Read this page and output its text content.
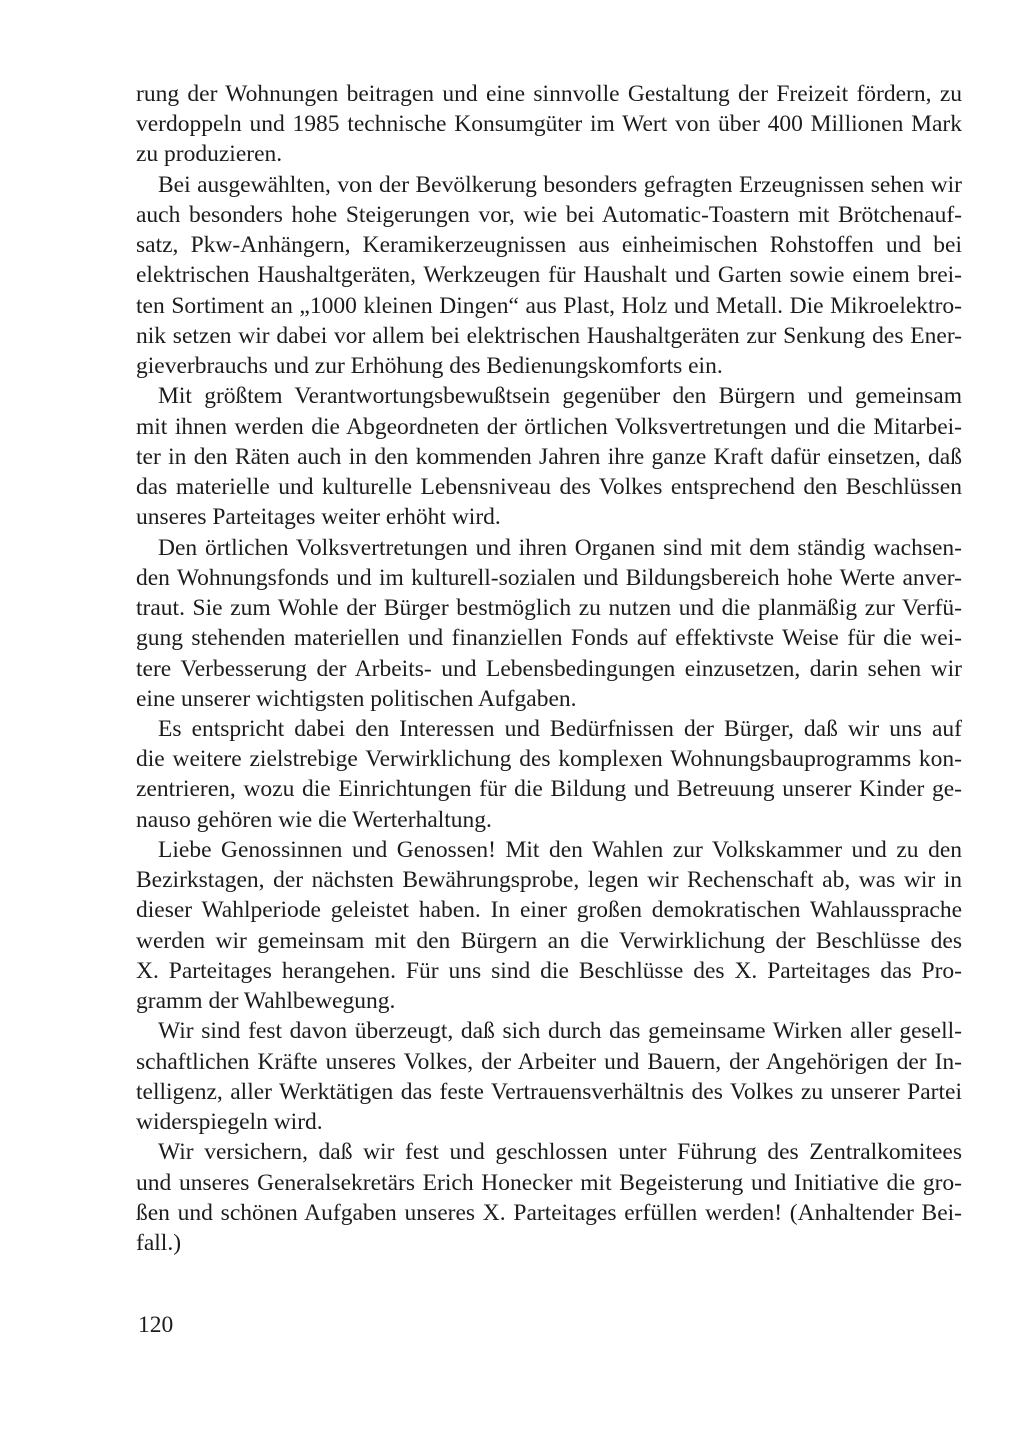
rung der Wohnungen beitragen und eine sinnvolle Gestaltung der Freizeit fördern, zu

verdoppeln und 1985 technische Konsumgüter im Wert von über 400 Millionen Mark

zu produzieren.

Bei ausgewählten, von der Bevölkerung besonders gefragten Erzeugnissen sehen wir

auch besonders hohe Steigerungen vor, wie bei Automatic-Toastern mit Brötchenauf-

satz, Pkw-Anhängern, Keramikerzeugnissen aus einheimischen Rohstoffen und bei

elektrischen Haushaltgeräten, Werkzeugen für Haushalt und Garten sowie einem brei-

ten Sortiment an „1000 kleinen Dingen“ aus Plast, Holz und Metall. Die Mikroelektro-

nik setzen wir dabei vor allem bei elektrischen Haushaltgeräten zur Senkung des Ener-

gieverbrauchs und zur Erhöhung des Bedienungskomforts ein.

Mit größtem Verantwortungsbewußtsein gegenüber den Bürgern und gemeinsam

mit ihnen werden die Abgeordneten der örtlichen Volksvertretungen und die Mitarbei-

ter in den Räten auch in den kommenden Jahren ihre ganze Kraft dafür einsetzen, daß

das materielle und kulturelle Lebensniveau des Volkes entsprechend den Beschlüssen

unseres Parteitages weiter erhöht wird.

Den örtlichen Volksvertretungen und ihren Organen sind mit dem ständig wachsen-

den Wohnungsfonds und im kulturell-sozialen und Bildungsbereich hohe Werte anver-

traut. Sie zum Wohle der Bürger bestmöglich zu nutzen und die planmäßig zur Verfü-

gung stehenden materiellen und finanziellen Fonds auf effektivste Weise für die wei-

tere Verbesserung der Arbeits- und Lebensbedingungen einzusetzen, darin sehen wir

eine unserer wichtigsten politischen Aufgaben.

Es entspricht dabei den Interessen und Bedürfnissen der Bürger, daß wir uns auf

die weitere zielstrebige Verwirklichung des komplexen Wohnungsbauprogramms kon-

zentrieren, wozu die Einrichtungen für die Bildung und Betreuung unserer Kinder ge-

nauso gehören wie die Werterhaltung.

Liebe Genossinnen und Genossen! Mit den Wahlen zur Volkskammer und zu den

Bezirkstagen, der nächsten Bewährungsprobe, legen wir Rechenschaft ab, was wir in

dieser Wahlperiode geleistet haben. In einer großen demokratischen Wahlaussprache

werden wir gemeinsam mit den Bürgern an die Verwirklichung der Beschlüsse des

X. Parteitages herangehen. Für uns sind die Beschlüsse des X. Parteitages das Pro-

gramm der Wahlbewegung.

Wir sind fest davon überzeugt, daß sich durch das gemeinsame Wirken aller gesell-

schaftlichen Kräfte unseres Volkes, der Arbeiter und Bauern, der Angehörigen der In-

telligenz, aller Werktätigen das feste Vertrauensverhältnis des Volkes zu unserer Partei

widerspiegeln wird.

Wir versichern, daß wir fest und geschlossen unter Führung des Zentralkomitees

und unseres Generalsekretärs Erich Honecker mit Begeisterung und Initiative die gro-

ßen und schönen Aufgaben unseres X. Parteitages erfüllen werden! (Anhaltender Bei-

fall.)

120
